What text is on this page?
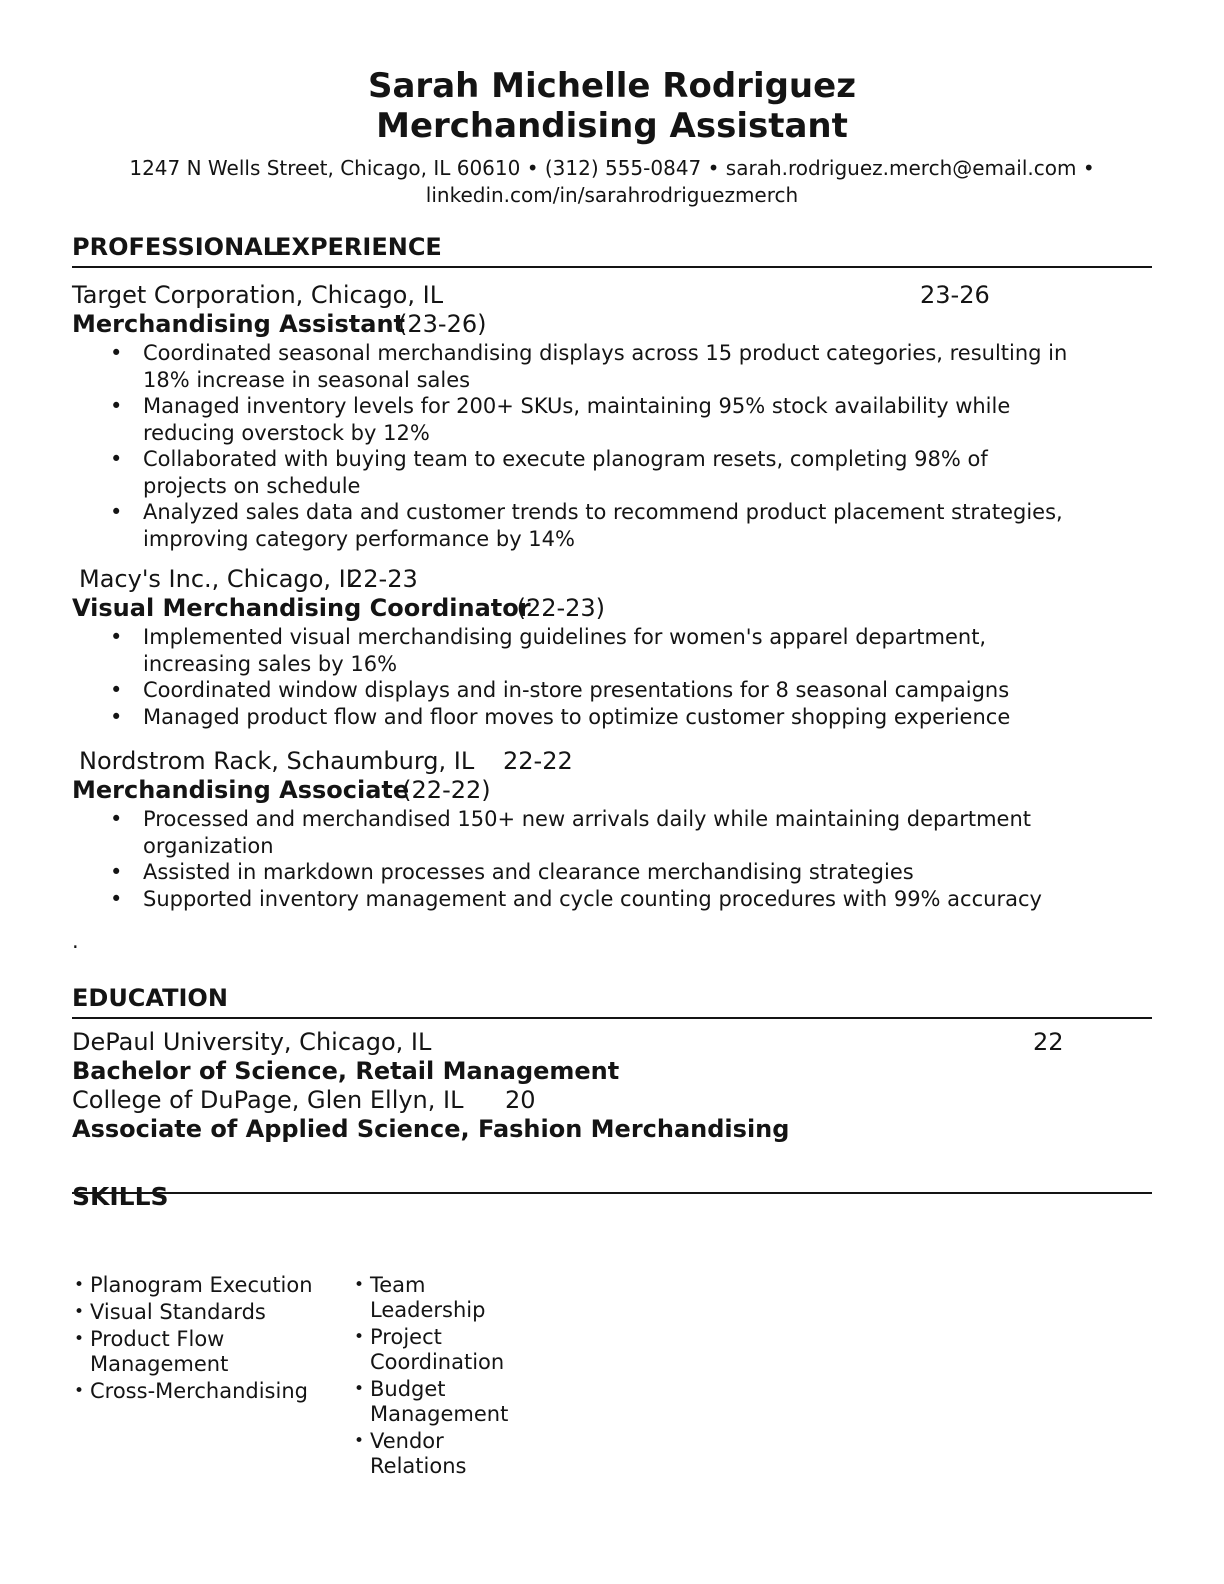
Sarah Michelle Rodriguez
Merchandising Assistant

1247 N Wells Street, Chicago, IL 60610 • (312) 555-0847 • sarah.rodriguez.merch@email.com •

linkedin.com/in/sarahrodriguezmerch

PROFESSIONALEXPERIENCE

Target Corporation, Chicago, IL	23-26

Merchandising Assistant(23-26)

• Coordinated seasonal merchandising displays across 15 product categories, resulting in 18% increase in seasonal sales
• Managed inventory levels for 200+ SKUs, maintaining 95% stock availability while reducing overstock by 12%
• Collaborated with buying team to execute planogram resets, completing 98% of projects on schedule
• Analyzed sales data and customer trends to recommend product placement strategies, improving category performance by 14%

Macy's Inc., Chicago, IL
22-23

Visual Merchandising Coordinator(22-23)

• Implemented visual merchandising guidelines for women's apparel department, increasing sales by 16%
• Coordinated window displays and in-store presentations for 8 seasonal campaigns
• Managed product flow and floor moves to optimize customer shopping experience

Nordstrom Rack, Schaumburg, IL 22-22

Merchandising Associate(22-22)

• Processed and merchandised 150+ new arrivals daily while maintaining department organization
• Assisted in markdown processes and clearance merchandising strategies
• Supported inventory management and cycle counting procedures with 99% accuracy

.

EDUCATION

DePaul University, Chicago, IL	22

Bachelor of Science, Retail Management

College of DuPage, Glen Ellyn, IL 20

Associate of Applied Science, Fashion Merchandising

SKILLS
• Planogram Execution
• Visual Standards
• Product Flow Management
• Cross-Merchandising
• Team Leadership
• Project Coordination
• Budget Management
• Vendor Relations
